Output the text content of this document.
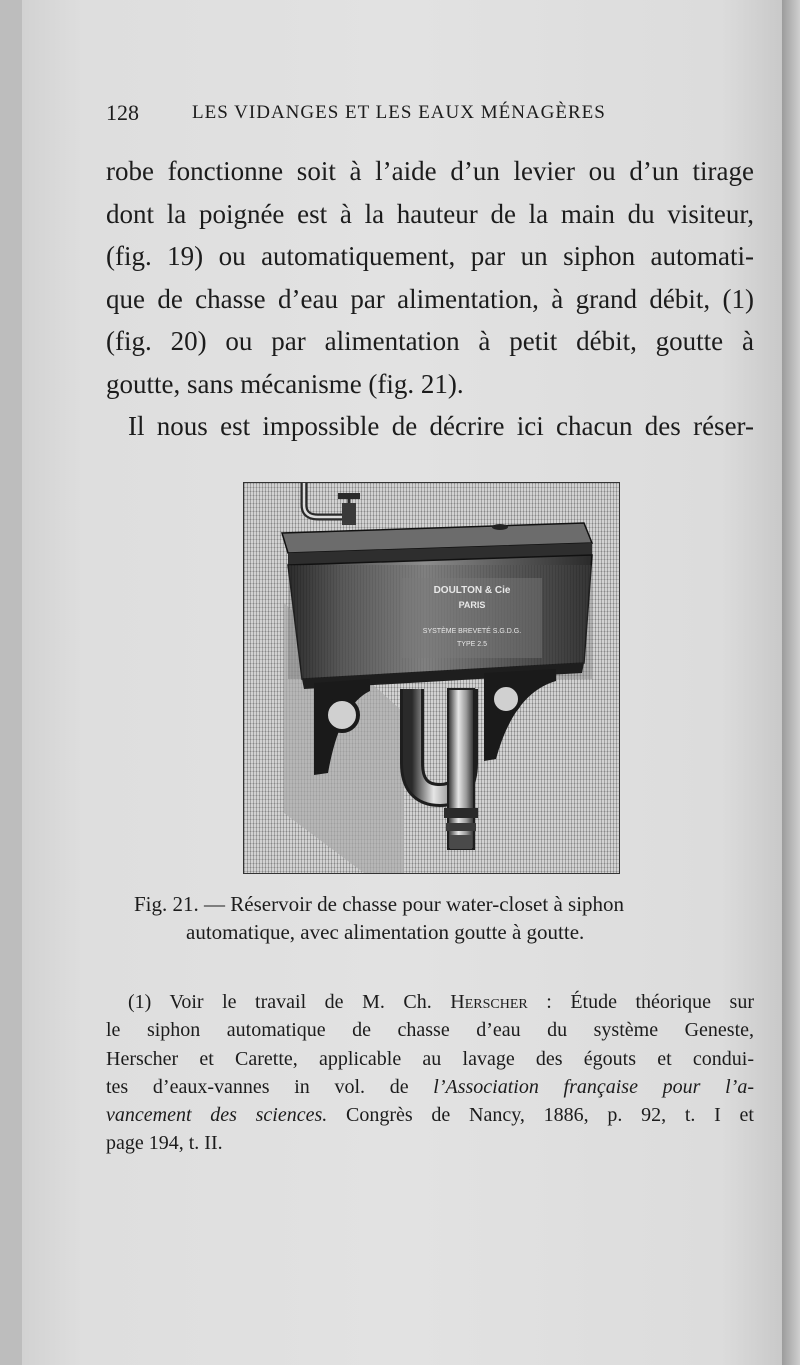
128	LES VIDANGES ET LES EAUX MÉNAGÈRES
robe fonctionne soit à l’aide d’un levier ou d’un tirage
dont la poignée est à la hauteur de la main du visiteur,
(fig. 19) ou automatiquement, par un siphon automati-
que de chasse d’eau par alimentation, à grand débit, (1)
(fig. 20) ou par alimentation à petit débit, goutte à
goutte, sans mécanisme (fig. 21).
Il nous est impossible de décrire ici chacun des réser-
DOULTON & Cie
PARIS
SYSTÈME BREVETÉ S.G.D.G.
TYPE 2.5
Fig. 21. — Réservoir de chasse pour water-closet à siphon
automatique, avec alimentation goutte à goutte.
(1) Voir le travail de M. Ch. Herscher : Étude théorique sur
le siphon automatique de chasse d’eau du système Geneste,
Herscher et Carette, applicable au lavage des égouts et condui-
tes d’eaux-vannes in vol. de l’Association française pour l’a-
vancement des sciences. Congrès de Nancy, 1886, p. 92, t. I et
page 194, t. II.
